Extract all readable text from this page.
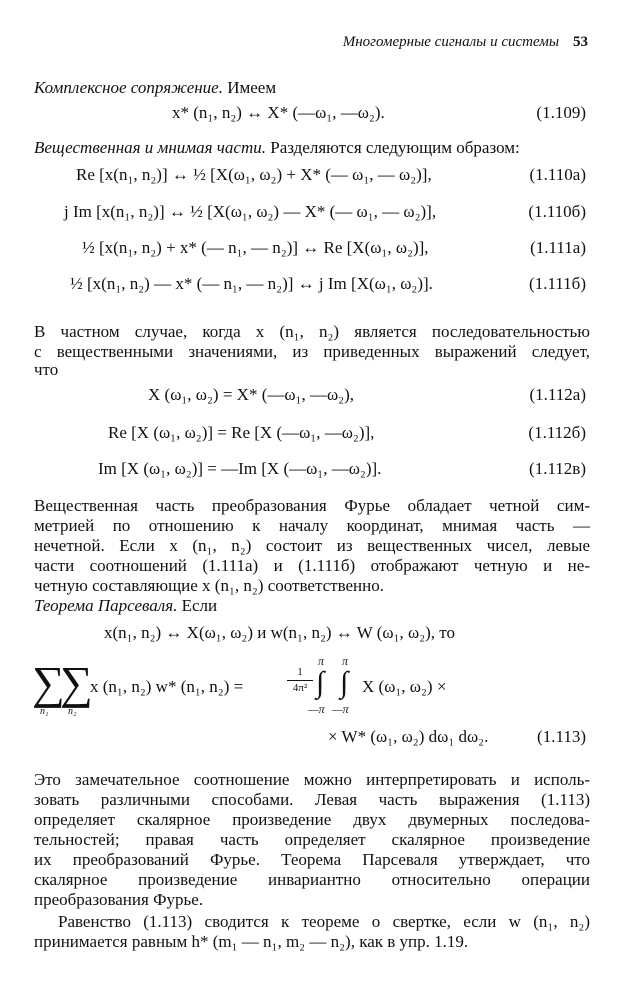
Многомерные сигналы и системы 53
Комплексное сопряжение. Имеем
x* (n₁, n₂) ↔ X* (—ω₁, —ω₂).	(1.109)
Вещественная и мнимая части. Разделяются следующим образом:
Re [x(n₁, n₂)] ↔ ½ [X(ω₁, ω₂) + X* (— ω₁, — ω₂)],	(1.110а)
j Im [x(n₁, n₂)] ↔ ½ [X(ω₁, ω₂) — X* (— ω₁, — ω₂)],	(1.110б)
½ [x(n₁, n₂) + x* (— n₁, — n₂)] ↔ Re [X(ω₁, ω₂)],	(1.111а)
½ [x(n₁, n₂) — x* (— n₁, — n₂)] ↔ j Im [X(ω₁, ω₂)].	(1.111б)
В частном случае, когда x (n₁, n₂) является последовательностью
с вещественными значениями, из приведенных выражений следует,
что
X (ω₁, ω₂) = X* (—ω₁, —ω₂),	(1.112а)
Re [X (ω₁, ω₂)] = Re [X (—ω₁, —ω₂)],	(1.112б)
Im [X (ω₁, ω₂)] = —Im [X (—ω₁, —ω₂)].	(1.112в)
Вещественная часть преобразования Фурье обладает четной сим-
метрией по отношению к началу координат, мнимая часть —
нечетной. Если x (n₁, n₂) состоит из вещественных чисел, левые
части соотношений (1.111а) и (1.111б) отображают четную и не-
четную составляющие x (n₁, n₂) соответственно.
Теорема Парсеваля. Если
x(n₁, n₂) ↔ X(ω₁, ω₂) и w(n₁, n₂) ↔ W (ω₁, ω₂), то
∑
∑
n₁ n₂
x (n₁, n₂) w* (n₁, n₂) =
1
4π²
π π
∫ ∫
—π —π
X (ω₁, ω₂) ×
× W* (ω₁, ω₂) dω₁ dω₂.	(1.113)
Это замечательное соотношение можно интерпретировать и исполь-
зовать различными способами. Левая часть выражения (1.113)
определяет скалярное произведение двух двумерных последова-
тельностей; правая часть определяет скалярное произведение
их преобразований Фурье. Теорема Парсеваля утверждает, что
скалярное произведение инвариантно относительно операции
преобразования Фурье.
Равенство (1.113) сводится к теореме о свертке, если w (n₁, n₂)
принимается равным h* (m₁ — n₁, m₂ — n₂), как в упр. 1.19.
